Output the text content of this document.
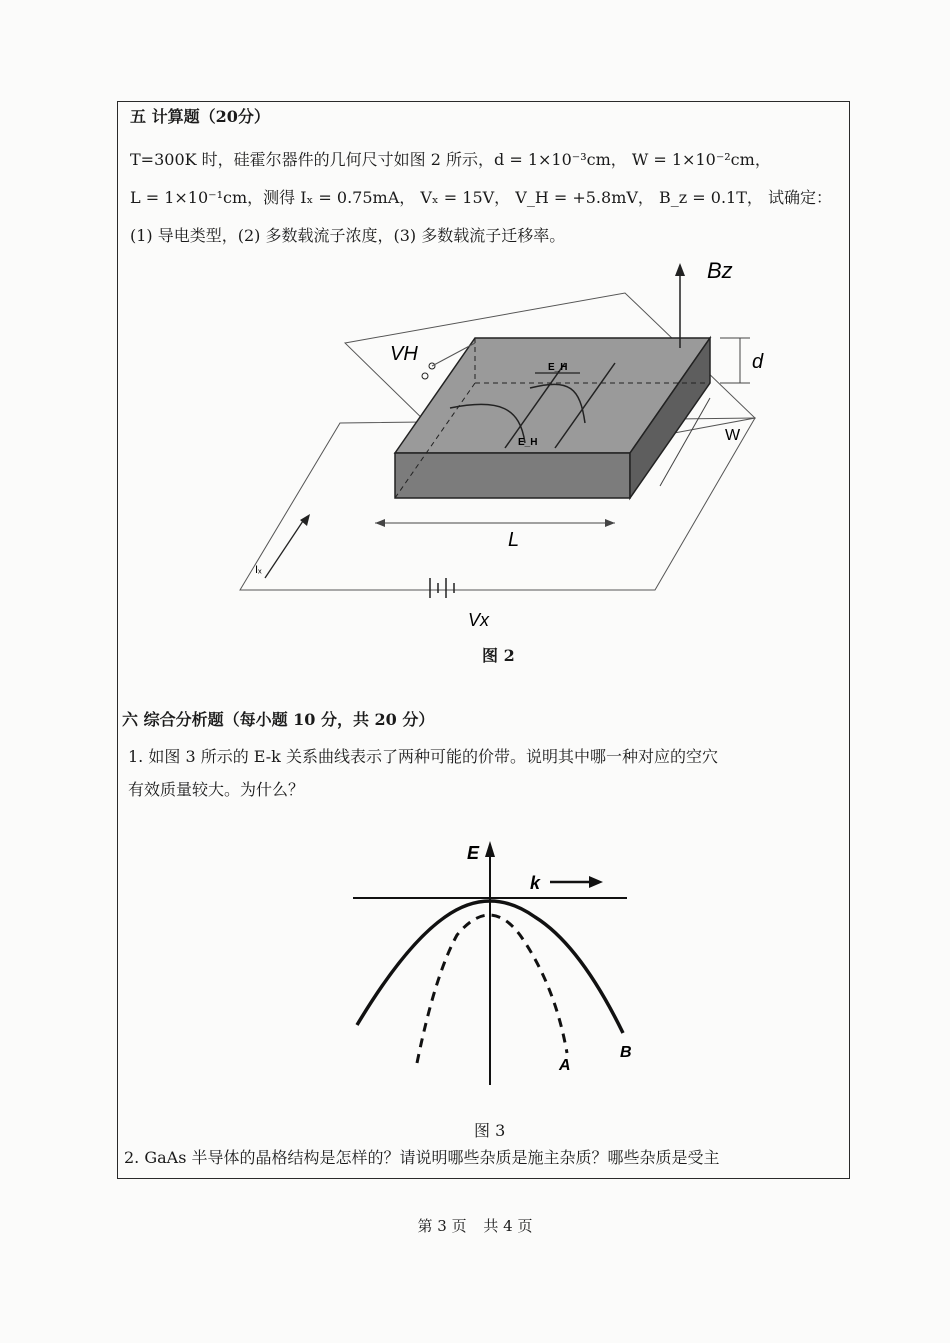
五 计算题（20分）
T=300K 时，硅霍尔器件的几何尺寸如图 2 所示，d = 1×10⁻³cm， W = 1×10⁻²cm，
L = 1×10⁻¹cm，测得 Iₓ = 0.75mA， Vₓ = 15V， V_H = +5.8mV， B_z = 0.1T， 试确定：
(1) 导电类型，(2) 多数载流子浓度，(3) 多数载流子迁移率。
E_H
E_H
Bz
d
W
L
VH
Iₓ
Vx
图 2
六 综合分析题（每小题 10 分，共 20 分）
1. 如图 3 所示的 E-k 关系曲线表示了两种可能的价带。说明其中哪一种对应的空穴
有效质量较大。为什么？
E
k
A
B
图 3
2. GaAs 半导体的晶格结构是怎样的？请说明哪些杂质是施主杂质？哪些杂质是受主
第 3 页 共 4 页
